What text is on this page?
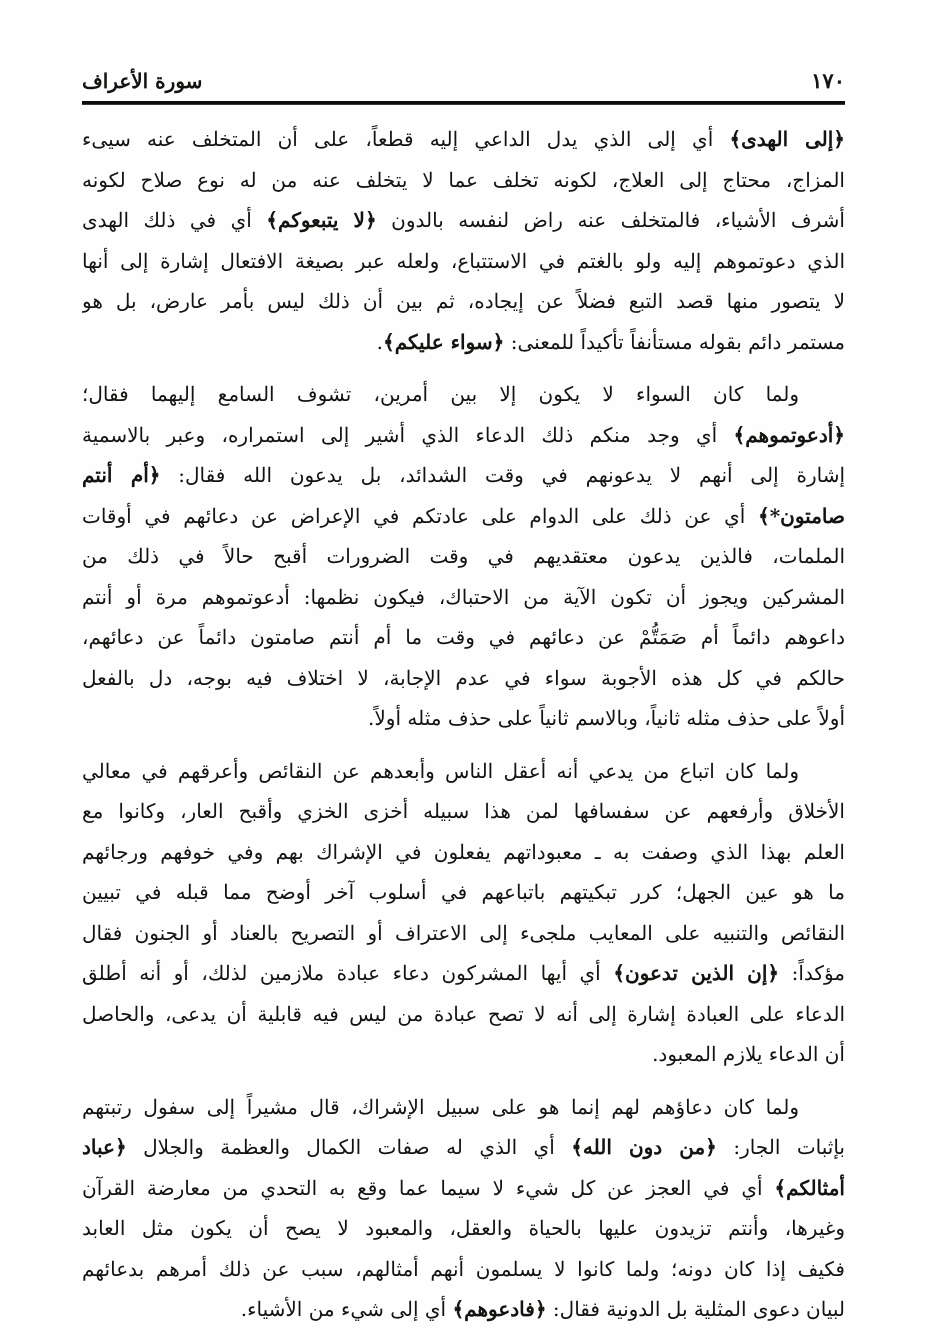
سورة الأعراف	١٧٠
﴿إلى الهدى﴾ أي إلى الذي يدل الداعي إليه قطعاً، على أن المتخلف عنه سيىء
المزاج، محتاج إلى العلاج، لكونه تخلف عما لا يتخلف عنه من له نوع صلاح لكونه
أشرف الأشياء، فالمتخلف عنه راض لنفسه بالدون ﴿لا يتبعوكم﴾ أي في ذلك الهدى
الذي دعوتموهم إليه ولو بالغتم في الاستتباع، ولعله عبر بصيغة الافتعال إشارة إلى أنها
لا يتصور منها قصد التبع فضلاً عن إيجاده، ثم بين أن ذلك ليس بأمر عارض، بل هو
مستمر دائم بقوله مستأنفاً تأكيداً للمعنى: ﴿سواء عليكم﴾.
ولما كان السواء لا يكون إلا بين أمرين، تشوف السامع إليهما فقال؛
﴿أدعوتموهم﴾ أي وجد منكم ذلك الدعاء الذي أشير إلى استمراره، وعبر بالاسمية
إشارة إلى أنهم لا يدعونهم في وقت الشدائد، بل يدعون الله فقال: ﴿أم أنتم
صامتون*﴾ أي عن ذلك على الدوام على عادتكم في الإعراض عن دعائهم في أوقات
الملمات، فالذين يدعون معتقديهم في وقت الضرورات أقبح حالاً في ذلك من
المشركين ويجوز أن تكون الآية من الاحتباك، فيكون نظمها: أدعوتموهم مرة أو أنتم
داعوهم دائماً أم صَمَتُّمْ عن دعائهم في وقت ما أم أنتم صامتون دائماً عن دعائهم،
حالكم في كل هذه الأجوبة سواء في عدم الإجابة، لا اختلاف فيه بوجه، دل بالفعل
أولاً على حذف مثله ثانياً، وبالاسم ثانياً على حذف مثله أولاً.
ولما كان اتباع من يدعي أنه أعقل الناس وأبعدهم عن النقائص وأعرقهم في معالي
الأخلاق وأرفعهم عن سفسافها لمن هذا سبيله أخزى الخزي وأقبح العار، وكانوا مع
العلم بهذا الذي وصفت به ـ معبوداتهم يفعلون في الإشراك بهم وفي خوفهم ورجائهم
ما هو عين الجهل؛ كرر تبكيتهم باتباعهم في أسلوب آخر أوضح مما قبله في تبيين
النقائص والتنبيه على المعايب ملجىء إلى الاعتراف أو التصريح بالعناد أو الجنون فقال
مؤكداً: ﴿إن الذين تدعون﴾ أي أيها المشركون دعاء عبادة ملازمين لذلك، أو أنه أطلق
الدعاء على العبادة إشارة إلى أنه لا تصح عبادة من ليس فيه قابلية أن يدعى، والحاصل
أن الدعاء يلازم المعبود.
ولما كان دعاؤهم لهم إنما هو على سبيل الإشراك، قال مشيراً إلى سفول رتبتهم
بإثبات الجار: ﴿من دون الله﴾ أي الذي له صفات الكمال والعظمة والجلال ﴿عباد
أمثالكم﴾ أي في العجز عن كل شيء لا سيما عما وقع به التحدي من معارضة القرآن
وغيرها، وأنتم تزيدون عليها بالحياة والعقل، والمعبود لا يصح أن يكون مثل العابد
فكيف إذا كان دونه؛ ولما كانوا لا يسلمون أنهم أمثالهم، سبب عن ذلك أمرهم بدعائهم
لبيان دعوى المثلية بل الدونية فقال: ﴿فادعوهم﴾ أي إلى شيء من الأشياء.
